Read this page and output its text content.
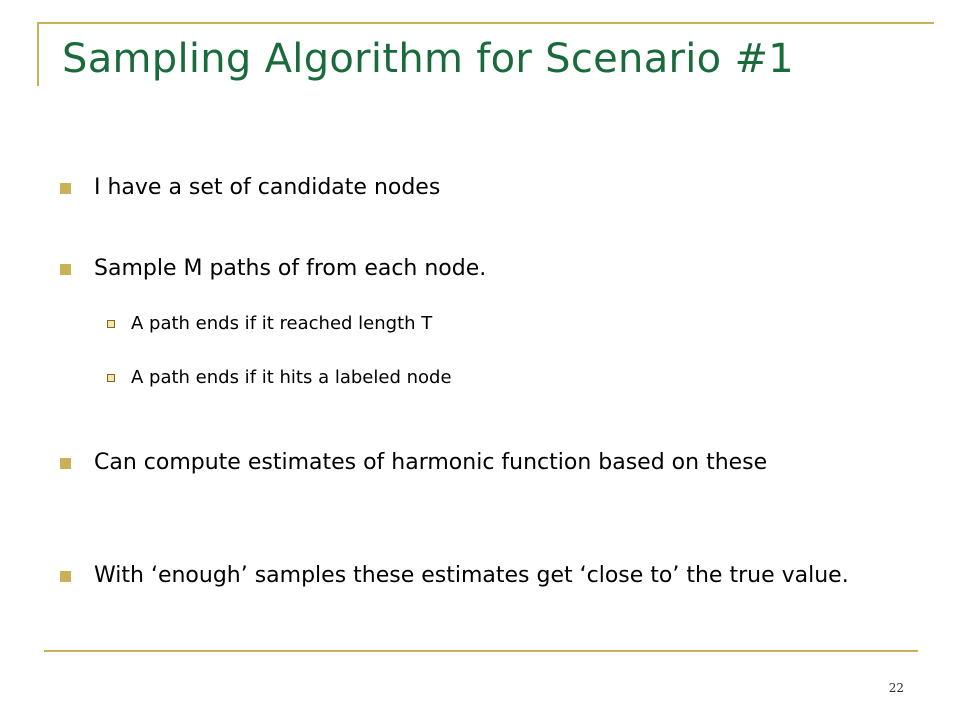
Sampling Algorithm for Scenario #1
I have a set of candidate nodes
Sample M paths of from each node.
A path ends if it reached length T
A path ends if it hits a labeled node
Can compute estimates of harmonic function based on these
With ‘enough’ samples these estimates get ‘close to’ the true value.
22
